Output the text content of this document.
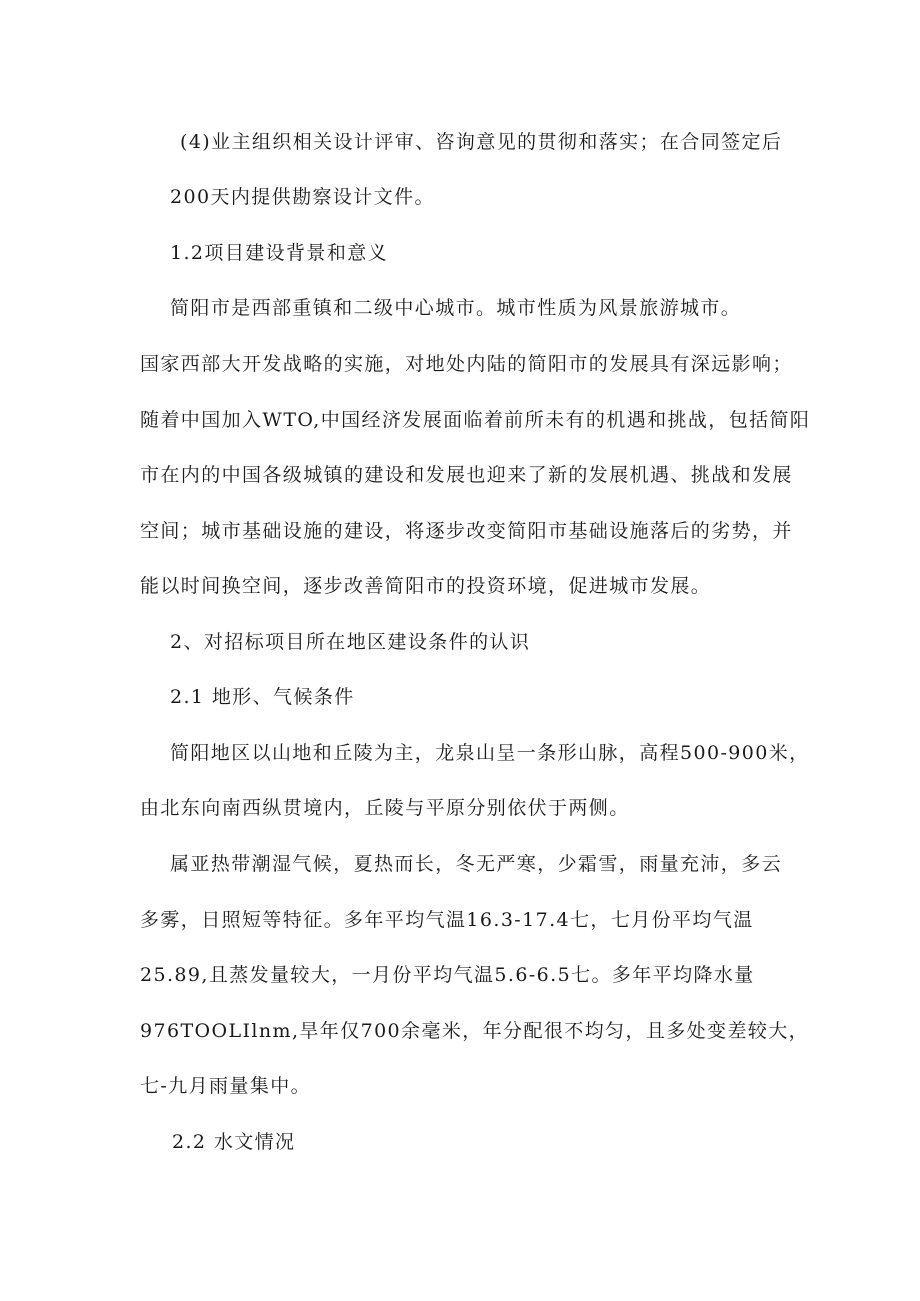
(4)业主组织相关设计评审、咨询意见的贯彻和落实；在合同签定后
200天内提供勘察设计文件。
1.2项目建设背景和意义
简阳市是西部重镇和二级中心城市。城市性质为风景旅游城市。
国家西部大开发战略的实施，对地处内陆的简阳市的发展具有深远影响；
随着中国加入WTO,中国经济发展面临着前所未有的机遇和挑战，包括简阳
市在内的中国各级城镇的建设和发展也迎来了新的发展机遇、挑战和发展
空间；城市基础设施的建设，将逐步改变简阳市基础设施落后的劣势，并
能以时间换空间，逐步改善简阳市的投资环境，促进城市发展。
2、对招标项目所在地区建设条件的认识
2.1 地形、气候条件
简阳地区以山地和丘陵为主，龙泉山呈一条形山脉，高程500-900米，
由北东向南西纵贯境内，丘陵与平原分别依伏于两侧。
属亚热带潮湿气候，夏热而长，冬无严寒，少霜雪，雨量充沛，多云
多雾，日照短等特征。多年平均气温16.3-17.4七，七月份平均气温
25.89,且蒸发量较大，一月份平均气温5.6-6.5七。多年平均降水量
976TOOLIlnm,旱年仅700余毫米，年分配很不均匀，且多处变差较大，
七-九月雨量集中。
2.2 水文情况
